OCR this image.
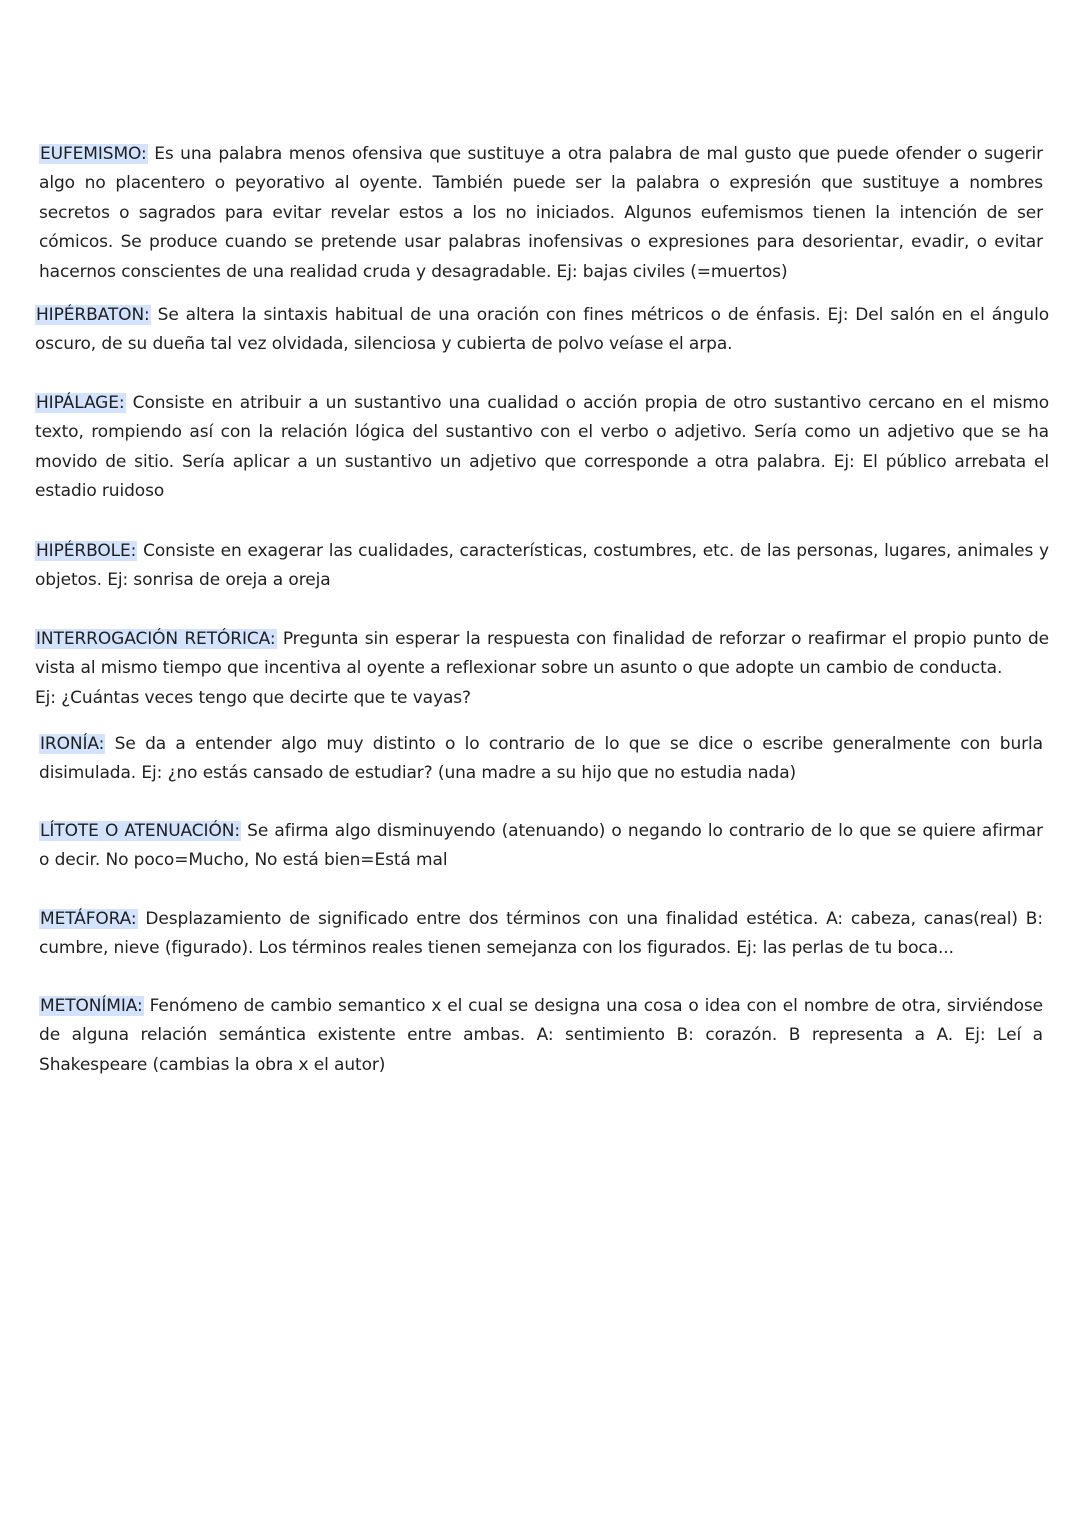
EUFEMISMO: Es una palabra menos ofensiva que sustituye a otra palabra de mal gusto que puede ofender o sugerir algo no placentero o peyorativo al oyente. También puede ser la palabra o expresión que sustituye a nombres secretos o sagrados para evitar revelar estos a los no iniciados. Algunos eufemismos tienen la intención de ser cómicos. Se produce cuando se pretende usar palabras inofensivas o expresiones para desorientar, evadir, o evitar hacernos conscientes de una realidad cruda y desagradable. Ej: bajas civiles (=muertos)

HIPÉRBATON: Se altera la sintaxis habitual de una oración con fines métricos o de énfasis. Ej: Del salón en el ángulo oscuro, de su dueña tal vez olvidada, silenciosa y cubierta de polvo veíase el arpa.

HIPÁLAGE: Consiste en atribuir a un sustantivo una cualidad o acción propia de otro sustantivo cercano en el mismo texto, rompiendo así con la relación lógica del sustantivo con el verbo o adjetivo. Sería como un adjetivo que se ha movido de sitio. Sería aplicar a un sustantivo un adjetivo que corresponde a otra palabra. Ej: El público arrebata el estadio ruidoso

HIPÉRBOLE: Consiste en exagerar las cualidades, características, costumbres, etc. de las personas, lugares, animales y objetos. Ej: sonrisa de oreja a oreja

INTERROGACIÓN RETÓRICA: Pregunta sin esperar la respuesta con finalidad de reforzar o reafirmar el propio punto de vista al mismo tiempo que incentiva al oyente a reflexionar sobre un asunto o que adopte un cambio de conducta.
Ej: ¿Cuántas veces tengo que decirte que te vayas?

IRONÍA: Se da a entender algo muy distinto o lo contrario de lo que se dice o escribe generalmente con burla disimulada. Ej: ¿no estás cansado de estudiar? (una madre a su hijo que no estudia nada)

LÍTOTE O ATENUACIÓN: Se afirma algo disminuyendo (atenuando) o negando lo contrario de lo que se quiere afirmar o decir. No poco=Mucho, No está bien=Está mal

METÁFORA: Desplazamiento de significado entre dos términos con una finalidad estética. A: cabeza, canas(real) B: cumbre, nieve (figurado). Los términos reales tienen semejanza con los figurados. Ej: las perlas de tu boca...

METONÍMIA: Fenómeno de cambio semantico x el cual se designa una cosa o idea con el nombre de otra, sirviéndose de alguna relación semántica existente entre ambas. A: sentimiento B: corazón. B representa a A. Ej: Leí a Shakespeare (cambias la obra x el autor)
